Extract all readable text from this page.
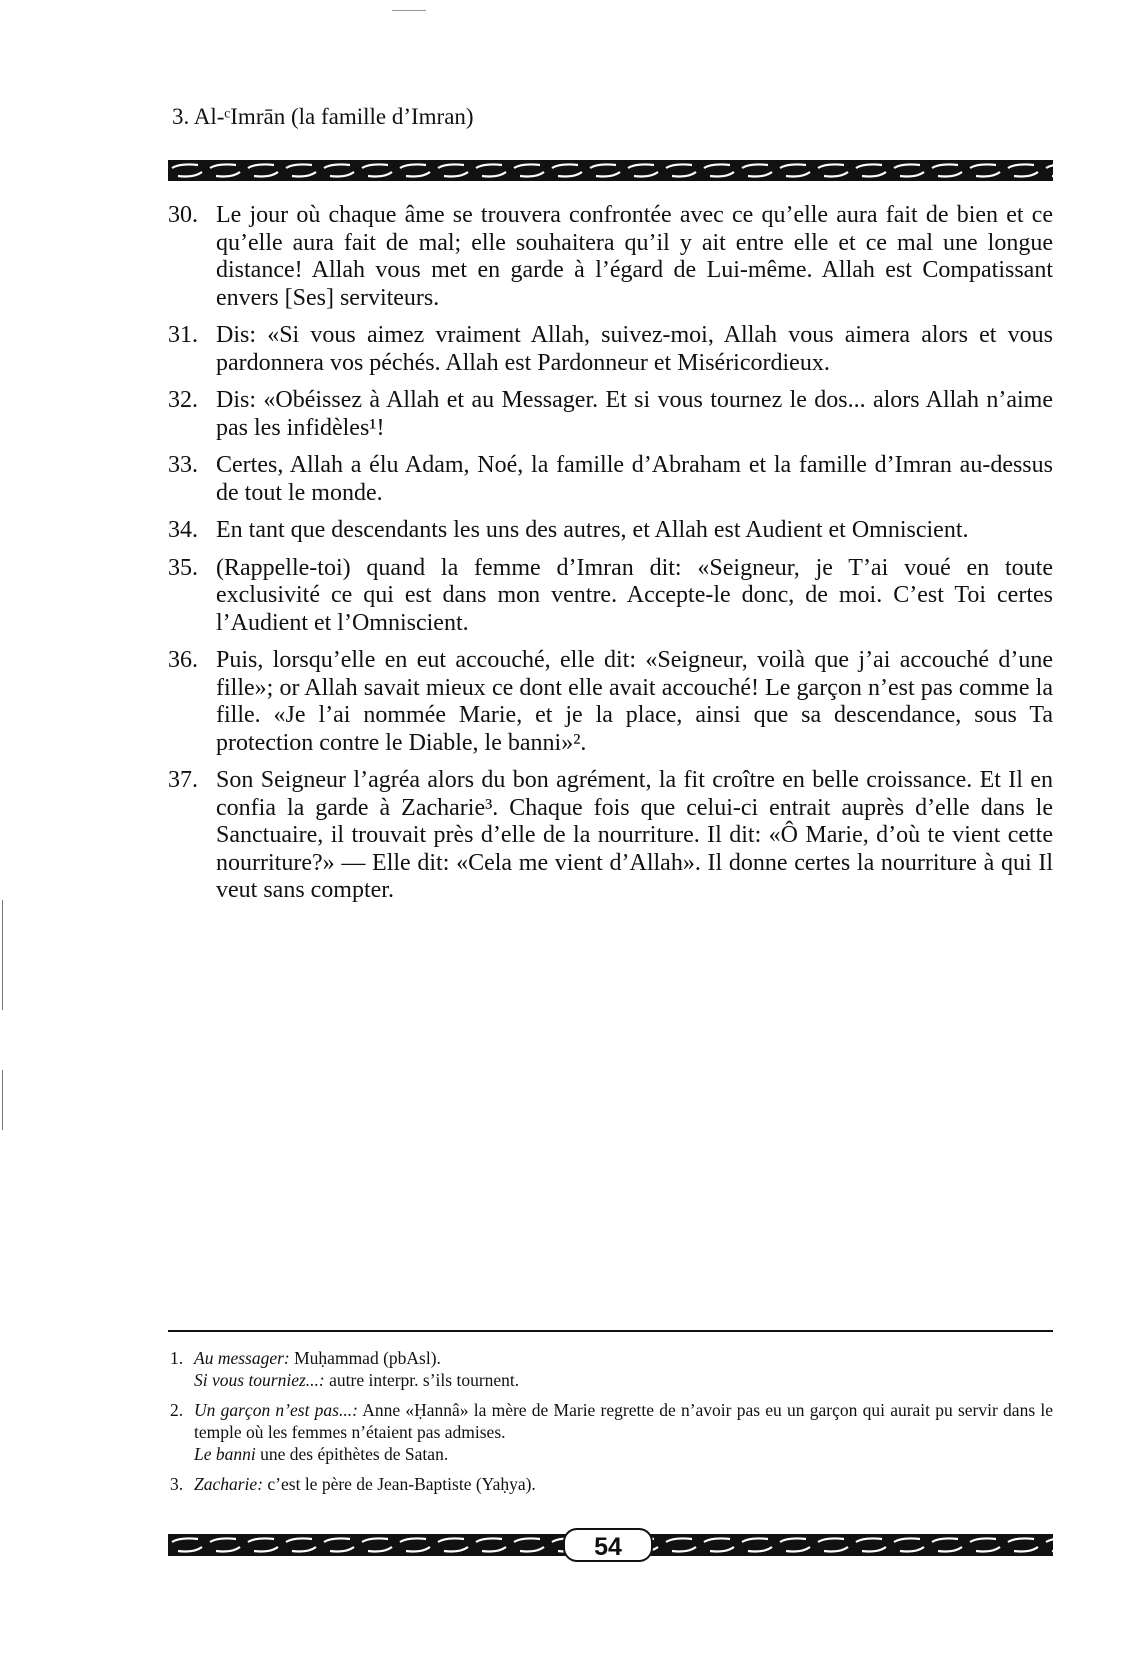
3. Al-ᶜImrān (la famille d’Imran)
30. Le jour où chaque âme se trouvera confrontée avec ce qu’elle aura fait de bien et ce qu’elle aura fait de mal; elle souhaitera qu’il y ait entre elle et ce mal une longue distance! Allah vous met en garde à l’égard de Lui-même. Allah est Compatissant envers [Ses] serviteurs.
31. Dis: «Si vous aimez vraiment Allah, suivez-moi, Allah vous aimera alors et vous pardonnera vos péchés. Allah est Pardonneur et Miséricordieux.
32. Dis: «Obéissez à Allah et au Messager. Et si vous tournez le dos... alors Allah n’aime pas les infidèles¹!
33. Certes, Allah a élu Adam, Noé, la famille d’Abraham et la famille d’Imran au-dessus de tout le monde.
34. En tant que descendants les uns des autres, et Allah est Audient et Omniscient.
35. (Rappelle-toi) quand la femme d’Imran dit: «Seigneur, je T’ai voué en toute exclusivité ce qui est dans mon ventre. Accepte-le donc, de moi. C’est Toi certes l’Audient et l’Omniscient.
36. Puis, lorsqu’elle en eut accouché, elle dit: «Seigneur, voilà que j’ai accouché d’une fille»; or Allah savait mieux ce dont elle avait accouché! Le garçon n’est pas comme la fille. «Je l’ai nommée Marie, et je la place, ainsi que sa descendance, sous Ta protection contre le Diable, le banni»².
37. Son Seigneur l’agréa alors du bon agrément, la fit croître en belle croissance. Et Il en confia la garde à Zacharie³. Chaque fois que celui-ci entrait auprès d’elle dans le Sanctuaire, il trouvait près d’elle de la nourriture. Il dit: «Ô Marie, d’où te vient cette nourriture?» — Elle dit: «Cela me vient d’Allah». Il donne certes la nourriture à qui Il veut sans compter.
1. Au messager: Muḥammad (pbAsl).
Si vous tourniez...: autre interpr. s’ils tournent.
2. Un garçon n’est pas...: Anne «Ḥannâ» la mère de Marie regrette de n’avoir pas eu un garçon qui aurait pu servir dans le temple où les femmes n’étaient pas admises.
Le banni une des épithètes de Satan.
3. Zacharie: c’est le père de Jean-Baptiste (Yaḥya).
54
